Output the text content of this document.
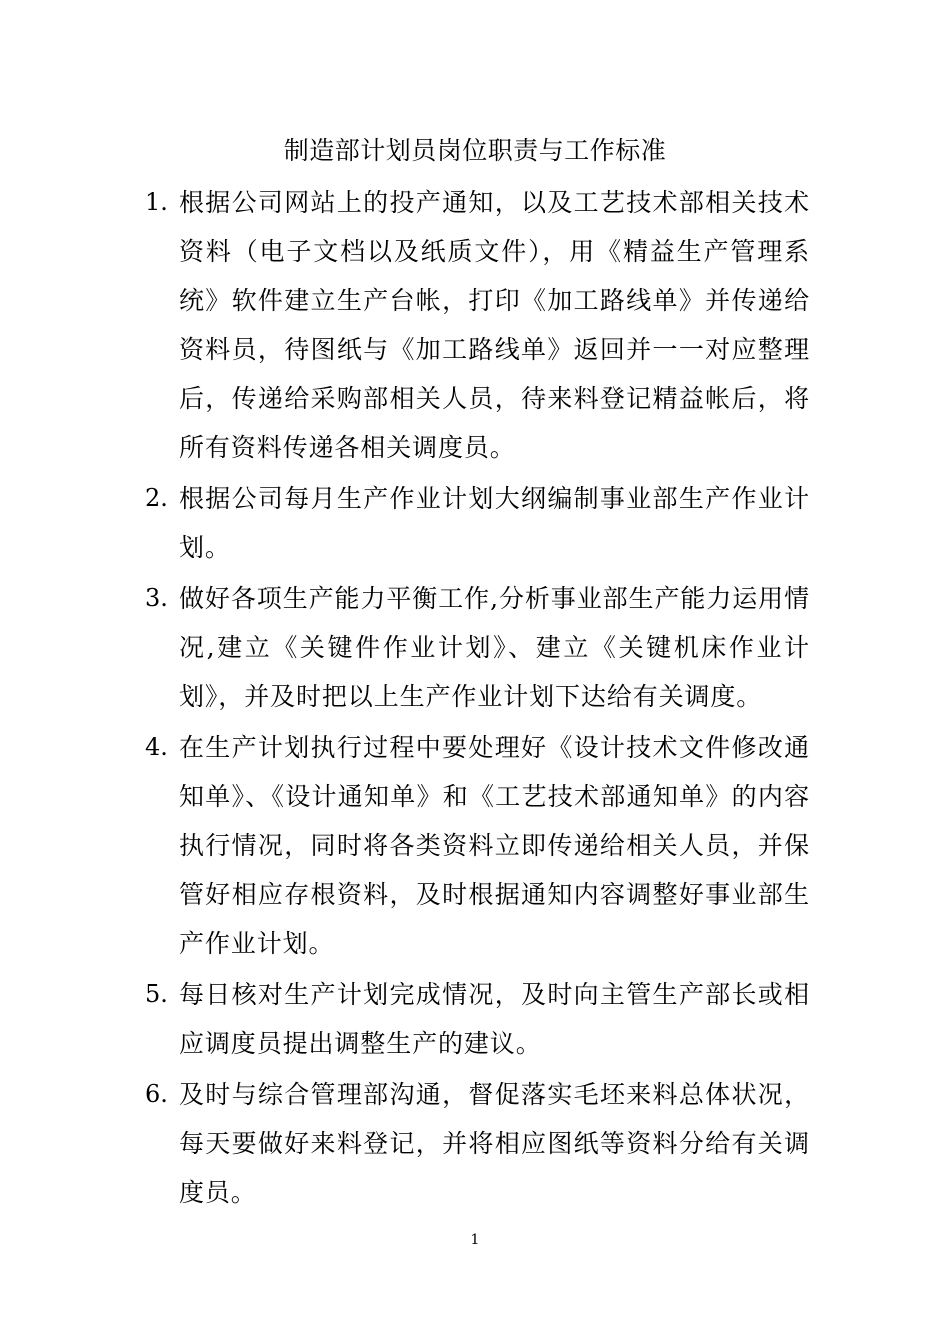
制造部计划员岗位职责与工作标准
1. 根据公司网站上的投产通知，以及工艺技术部相关技术资料（电子文档以及纸质文件），用《精益生产管理系统》软件建立生产台帐，打印《加工路线单》并传递给资料员，待图纸与《加工路线单》返回并一一对应整理后，传递给采购部相关人员，待来料登记精益帐后，将所有资料传递各相关调度员。
2. 根据公司每月生产作业计划大纲编制事业部生产作业计划。
3. 做好各项生产能力平衡工作,分析事业部生产能力运用情况,建立《关键件作业计划》、建立《关键机床作业计划》，并及时把以上生产作业计划下达给有关调度。
4. 在生产计划执行过程中要处理好《设计技术文件修改通知单》、《设计通知单》和《工艺技术部通知单》的内容执行情况，同时将各类资料立即传递给相关人员，并保管好相应存根资料，及时根据通知内容调整好事业部生产作业计划。
5. 每日核对生产计划完成情况，及时向主管生产部长或相应调度员提出调整生产的建议。
6. 及时与综合管理部沟通，督促落实毛坯来料总体状况，每天要做好来料登记，并将相应图纸等资料分给有关调度员。
1
